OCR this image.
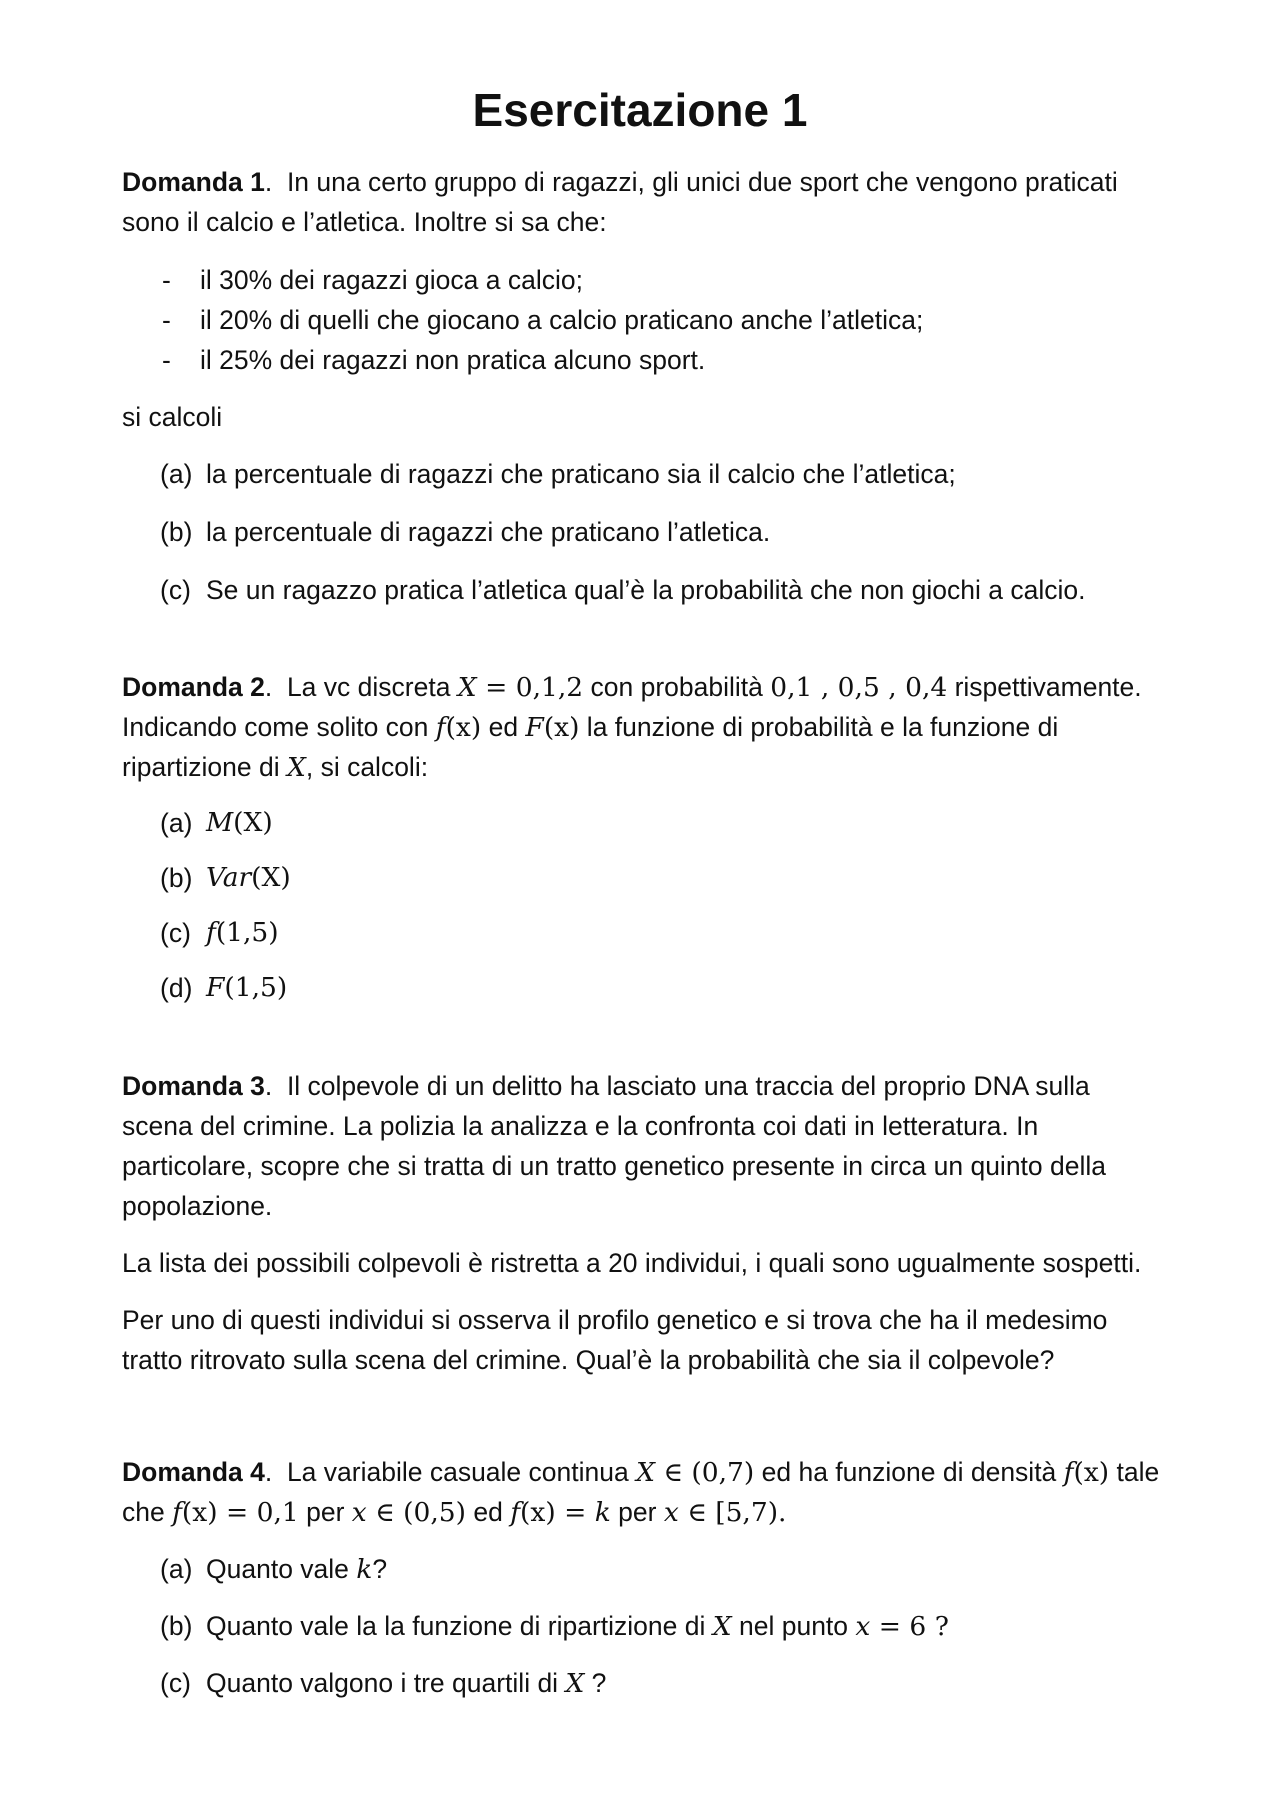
Esercitazione 1
Domanda 1.  In una certo gruppo di ragazzi, gli unici due sport che vengono praticati
sono il calcio e l’atletica. Inoltre si sa che:
- il 30% dei ragazzi gioca a calcio;
- il 20% di quelli che giocano a calcio praticano anche l’atletica;
- il 25% dei ragazzi non pratica alcuno sport.
si calcoli
(a) la percentuale di ragazzi che praticano sia il calcio che l’atletica;
(b) la percentuale di ragazzi che praticano l’atletica.
(c) Se un ragazzo pratica l’atletica qual’è la probabilità che non giochi a calcio.
Domanda 2.  La vc discreta X = 0,1,2 con probabilità 0,1 , 0,5 , 0,4 rispettivamente.
Indicando come solito con f(x) ed F(x) la funzione di probabilità e la funzione di
ripartizione di X, si calcoli:
(a) M(X)
(b) Var(X)
(c) f(1,5)
(d) F(1,5)
Domanda 3.  Il colpevole di un delitto ha lasciato una traccia del proprio DNA sulla
scena del crimine. La polizia la analizza e la confronta coi dati in letteratura. In
particolare, scopre che si tratta di un tratto genetico presente in circa un quinto della
popolazione.
La lista dei possibili colpevoli è ristretta a 20 individui, i quali sono ugualmente sospetti.
Per uno di questi individui si osserva il profilo genetico e si trova che ha il medesimo
tratto ritrovato sulla scena del crimine. Qual’è la probabilità che sia il colpevole?
Domanda 4.  La variabile casuale continua X ∈ (0,7) ed ha funzione di densità f(x) tale
che f(x) = 0,1 per x ∈ (0,5) ed f(x) = k per x ∈ [5,7).
(a) Quanto vale k?
(b) Quanto vale la la funzione di ripartizione di X nel punto x = 6 ?
(c) Quanto valgono i tre quartili di X ?
